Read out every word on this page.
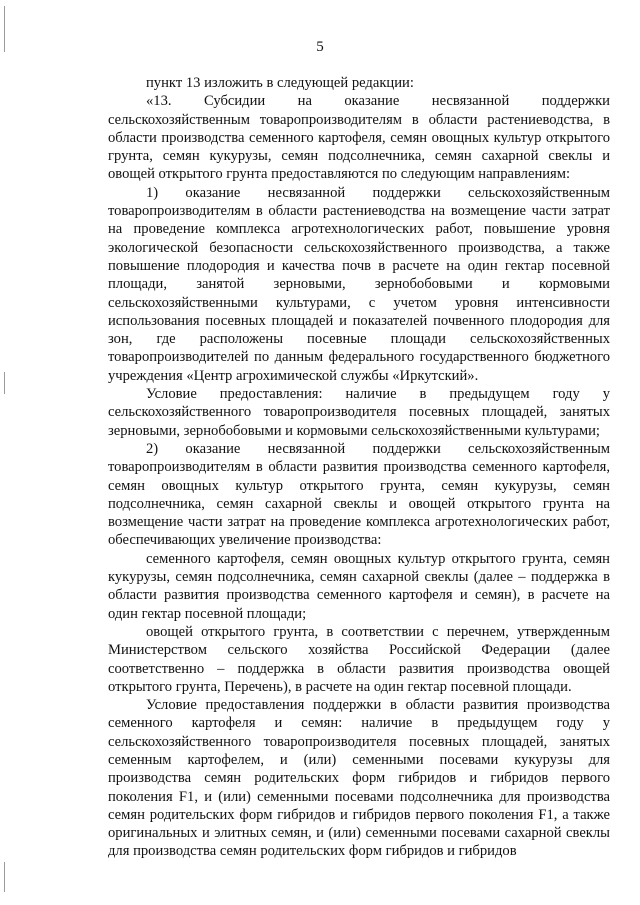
5

пункт 13 изложить в следующей редакции:

«13. Субсидии на оказание несвязанной поддержки сельскохозяйственным товаропроизводителям в области растениеводства, в области производства семенного картофеля, семян овощных культур открытого грунта, семян кукурузы, семян подсолнечника, семян сахарной свеклы и овощей открытого грунта предоставляются по следующим направлениям:

1) оказание несвязанной поддержки сельскохозяйственным товаропроизводителям в области растениеводства на возмещение части затрат на проведение комплекса агротехнологических работ, повышение уровня экологической безопасности сельскохозяйственного производства, а также повышение плодородия и качества почв в расчете на один гектар посевной площади, занятой зерновыми, зернобобовыми и кормовыми сельскохозяйственными культурами, с учетом уровня интенсивности использования посевных площадей и показателей почвенного плодородия для зон, где расположены посевные площади сельскохозяйственных товаропроизводителей по данным федерального государственного бюджетного учреждения «Центр агрохимической службы «Иркутский».

Условие предоставления: наличие в предыдущем году у сельскохозяйственного товаропроизводителя посевных площадей, занятых зерновыми, зернобобовыми и кормовыми сельскохозяйственными культурами;

2) оказание несвязанной поддержки сельскохозяйственным товаропроизводителям в области развития производства семенного картофеля, семян овощных культур открытого грунта, семян кукурузы, семян подсолнечника, семян сахарной свеклы и овощей открытого грунта на возмещение части затрат на проведение комплекса агротехнологических работ, обеспечивающих увеличение производства:

семенного картофеля, семян овощных культур открытого грунта, семян кукурузы, семян подсолнечника, семян сахарной свеклы (далее – поддержка в области развития производства семенного картофеля и семян), в расчете на один гектар посевной площади;

овощей открытого грунта, в соответствии с перечнем, утвержденным Министерством сельского хозяйства Российской Федерации (далее соответственно – поддержка в области развития производства овощей открытого грунта, Перечень), в расчете на один гектар посевной площади.

Условие предоставления поддержки в области развития производства семенного картофеля и семян: наличие в предыдущем году у сельскохозяйственного товаропроизводителя посевных площадей, занятых семенным картофелем, и (или) семенными посевами кукурузы для производства семян родительских форм гибридов и гибридов первого поколения F1, и (или) семенными посевами подсолнечника для производства семян родительских форм гибридов и гибридов первого поколения F1, а также оригинальных и элитных семян, и (или) семенными посевами сахарной свеклы для производства семян родительских форм гибридов и гибридов
